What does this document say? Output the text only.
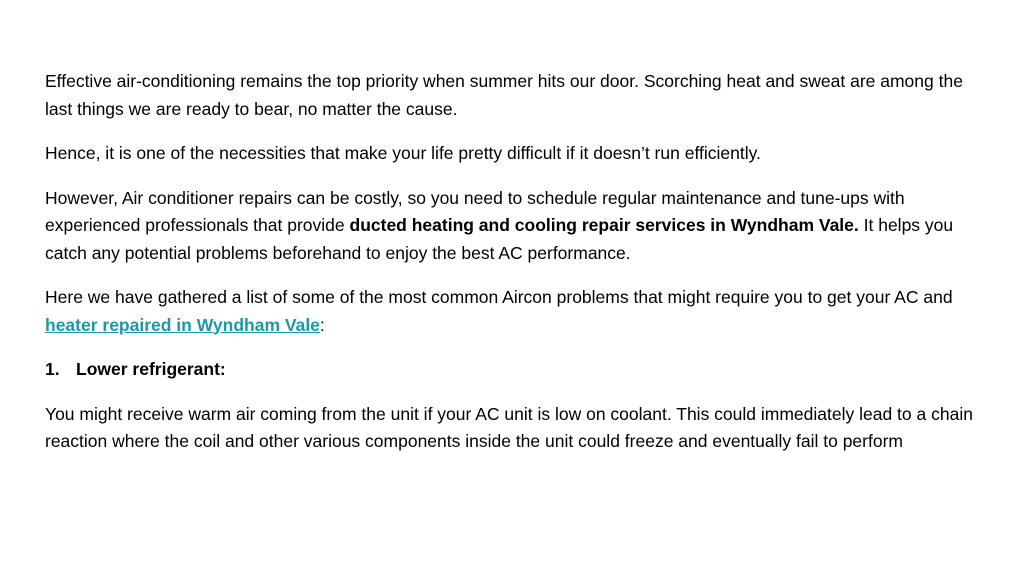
Effective air-conditioning remains the top priority when summer hits our door. Scorching heat and sweat are among the last things we are ready to bear, no matter the cause.

Hence, it is one of the necessities that make your life pretty difficult if it doesn’t run efficiently.

However, Air conditioner repairs can be costly, so you need to schedule regular maintenance and tune-ups with experienced professionals that provide ducted heating and cooling repair services in Wyndham Vale. It helps you catch any potential problems beforehand to enjoy the best AC performance.

Here we have gathered a list of some of the most common Aircon problems that might require you to get your AC and heater repaired in Wyndham Vale:

1. Lower refrigerant:

You might receive warm air coming from the unit if your AC unit is low on coolant. This could immediately lead to a chain reaction where the coil and other various components inside the unit could freeze and eventually fail to perform
